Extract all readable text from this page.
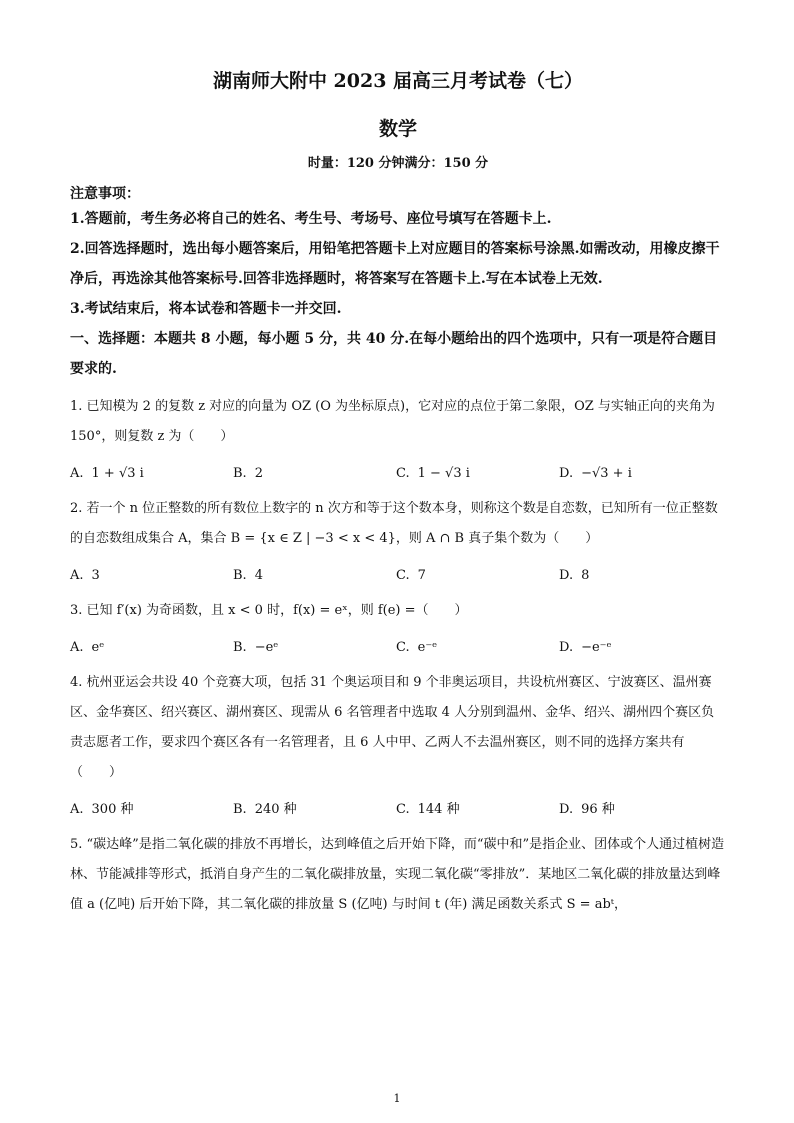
湖南师大附中 2023 届高三月考试卷（七）
数学
时量：120 分钟满分：150 分
注意事项：
1.答题前，考生务必将自己的姓名、考生号、考场号、座位号填写在答题卡上.
2.回答选择题时，选出每小题答案后，用铅笔把答题卡上对应题目的答案标号涂黑.如需改动，用橡皮擦干净后，再选涂其他答案标号.回答非选择题时，将答案写在答题卡上.写在本试卷上无效.
3.考试结束后，将本试卷和答题卡一并交回.
一、选择题：本题共 8 小题，每小题 5 分，共 40 分.在每小题给出的四个选项中，只有一项是符合题目要求的.
1. 已知模为 2 的复数 z 对应的向量为 OZ (O 为坐标原点)，它对应的点位于第二象限，OZ 与实轴正向的夹角为 150°，则复数 z 为（　　）
A. 1 + √3 i	B. 2	C. 1 − √3 i	D. −√3 + i
2. 若一个 n 位正整数的所有数位上数字的 n 次方和等于这个数本身，则称这个数是自恋数，已知所有一位正整数的自恋数组成集合 A，集合 B = {x ∈ Z | −3 < x < 4}，则 A ∩ B 真子集个数为（　　）
A. 3	B. 4	C. 7	D. 8
3. 已知 f′(x) 为奇函数，且 x < 0 时，f(x) = eˣ，则 f(e) =（　　）
A. eᵉ	B. −eᵉ	C. e⁻ᵉ	D. −e⁻ᵉ
4. 杭州亚运会共设 40 个竞赛大项，包括 31 个奥运项目和 9 个非奥运项目，共设杭州赛区、宁波赛区、温州赛区、金华赛区、绍兴赛区、湖州赛区、现需从 6 名管理者中选取 4 人分别到温州、金华、绍兴、湖州四个赛区负责志愿者工作，要求四个赛区各有一名管理者，且 6 人中甲、乙两人不去温州赛区，则不同的选择方案共有（　　）
A. 300 种	B. 240 种	C. 144 种	D. 96 种
5. “碳达峰”是指二氧化碳的排放不再增长，达到峰值之后开始下降，而“碳中和”是指企业、团体或个人通过植树造林、节能减排等形式，抵消自身产生的二氧化碳排放量，实现二氧化碳“零排放”．某地区二氧化碳的排放量达到峰值 a (亿吨) 后开始下降，其二氧化碳的排放量 S (亿吨) 与时间 t (年) 满足函数关系式 S = abᵗ，
1
